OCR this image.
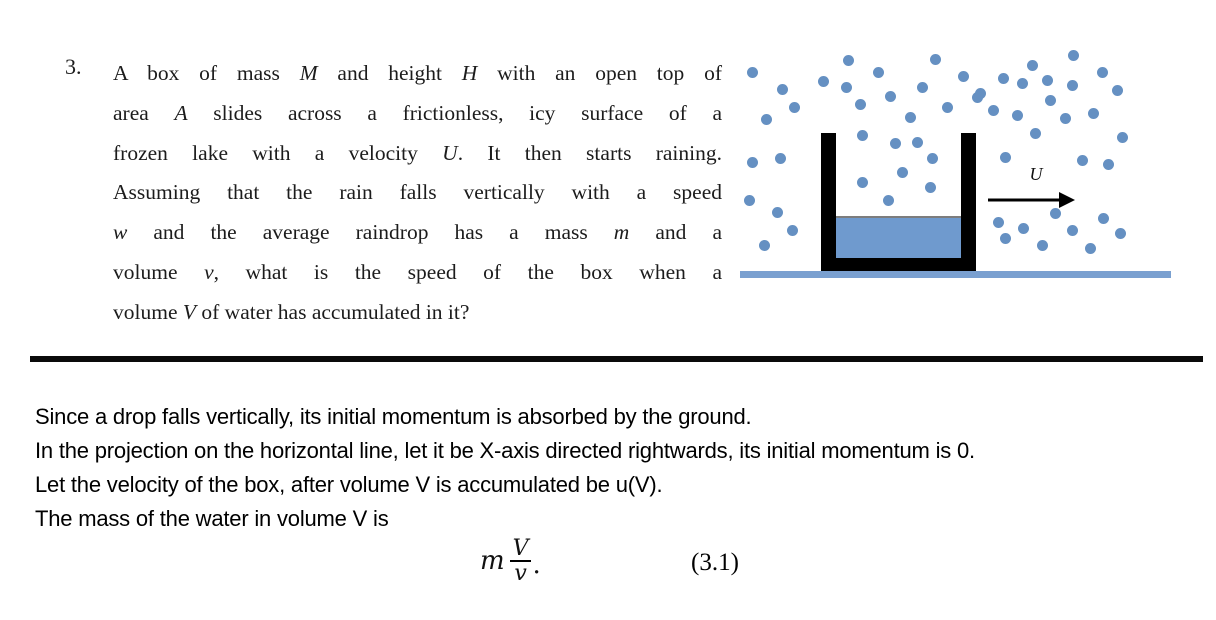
3. A box of mass M and height H with an open top of
area A slides across a frictionless, icy surface of a
frozen lake with a velocity U. It then starts raining.
Assuming that the rain falls vertically with a speed
w and the average raindrop has a mass m and a
volume v, what is the speed of the box when a
volume V of water has accumulated in it?
U
Since a drop falls vertically, its initial momentum is absorbed by the ground.
In the projection on the horizontal line, let it be X-axis directed rightwards, its initial momentum is 0.
Let the velocity of the box, after volume V is accumulated be u(V).
The mass of the water in volume V is
m $\frac{V}{v}$ .	(3.1)
